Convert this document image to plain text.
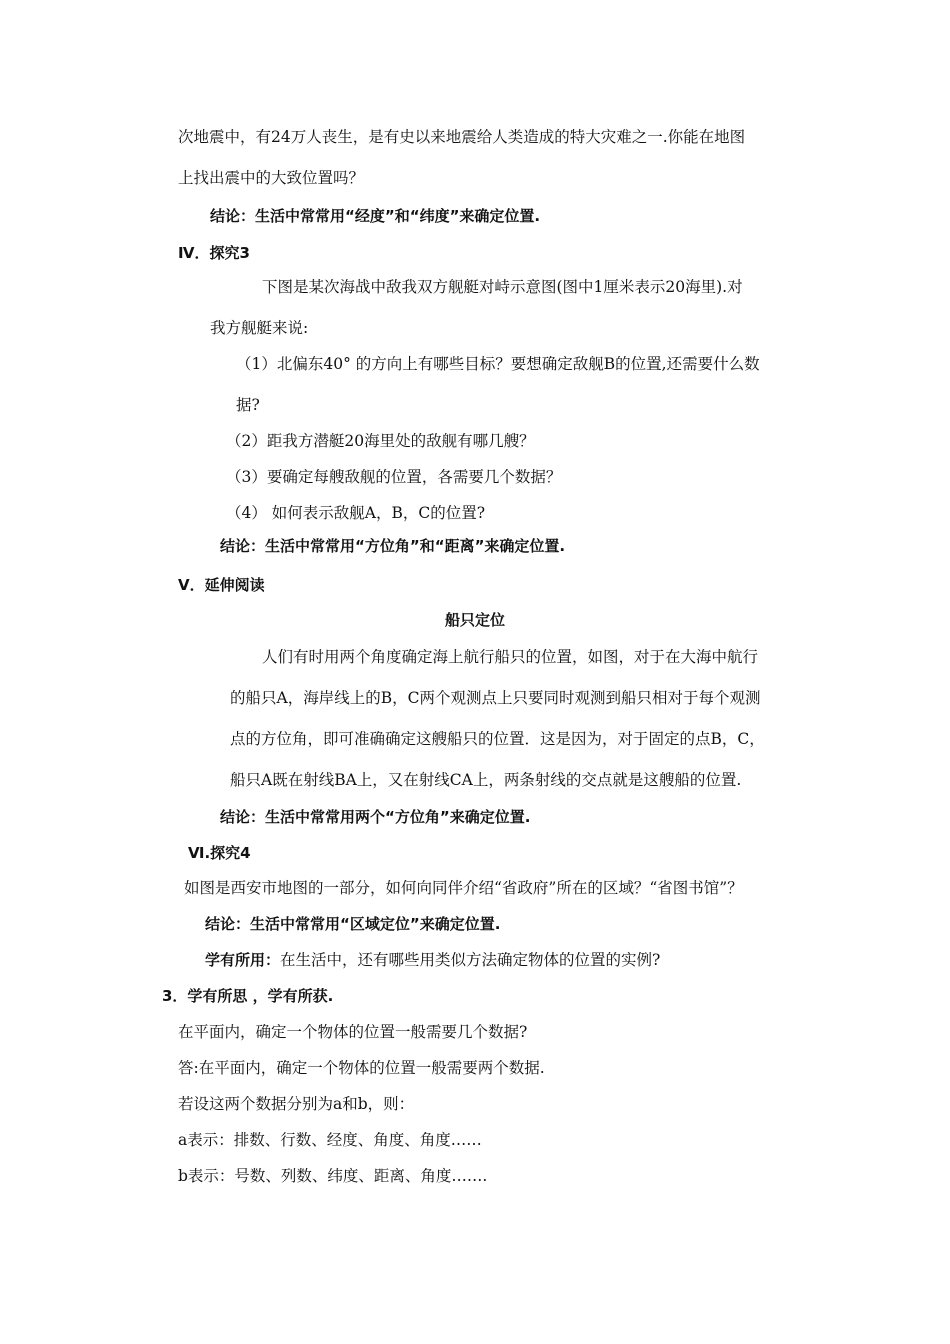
次地震中，有24万人丧生，是有史以来地震给人类造成的特大灾难之一.你能在地图
上找出震中的大致位置吗？
结论：生活中常常用“经度”和“纬度”来确定位置.
Ⅳ．探究3
下图是某次海战中敌我双方舰艇对峙示意图(图中1厘米表示20海里).对
我方舰艇来说:
（1）北偏东40° 的方向上有哪些目标？要想确定敌舰B的位置,还需要什么数
据?
（2）距我方潜艇20海里处的敌舰有哪几艘？
（3）要确定每艘敌舰的位置，各需要几个数据？
（4） 如何表示敌舰A，B，C的位置?
结论：生活中常常用“方位角”和“距离”来确定位置.
Ⅴ．延伸阅读
船只定位
人们有时用两个角度确定海上航行船只的位置，如图，对于在大海中航行
的船只A，海岸线上的B，C两个观测点上只要同时观测到船只相对于每个观测
点的方位角，即可准确确定这艘船只的位置．这是因为，对于固定的点B，C，
船只A既在射线BA上，又在射线CA上，两条射线的交点就是这艘船的位置.
结论：生活中常常用两个“方位角”来确定位置.
Ⅵ.探究4
如图是西安市地图的一部分，如何向同伴介绍“省政府”所在的区域？“省图书馆”？
结论：生活中常常用“区域定位”来确定位置.
学有所用：在生活中，还有哪些用类似方法确定物体的位置的实例?
3．学有所思 ，学有所获.
在平面内，确定一个物体的位置一般需要几个数据?
答:在平面内，确定一个物体的位置一般需要两个数据.
若设这两个数据分别为a和b，则：
a表示：排数、行数、经度、角度、角度……
b表示：号数、列数、纬度、距离、角度…….
